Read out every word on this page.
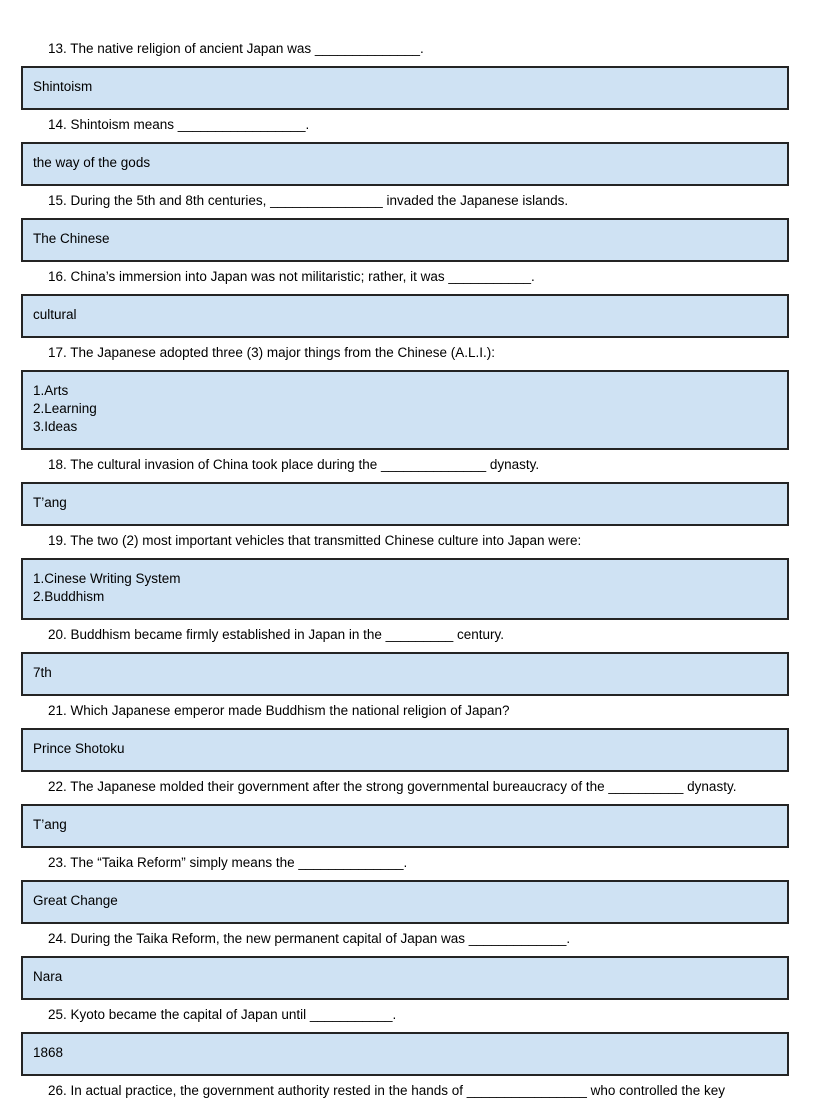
13. The native religion of ancient Japan was ______________.
Shintoism
14. Shintoism means _________________.
the way of the gods
15. During the 5th and 8th centuries, _______________ invaded the Japanese islands.
The Chinese
16. China’s immersion into Japan was not militaristic; rather, it was ___________.
cultural
17. The Japanese adopted three (3) major things from the Chinese (A.L.I.):
1.Arts
2.Learning
3.Ideas
18. The cultural invasion of China took place during the ______________ dynasty.
T’ang
19. The two (2) most important vehicles that transmitted Chinese culture into Japan were:
1.Cinese Writing System
2.Buddhism
20. Buddhism became firmly established in Japan in the _________ century.
7th
21. Which Japanese emperor made Buddhism the national religion of Japan?
Prince Shotoku
22. The Japanese molded their government after the strong governmental bureaucracy of the __________ dynasty.
T’ang
23. The “Taika Reform” simply means the ______________.
Great Change
24. During the Taika Reform, the new permanent capital of Japan was _____________.
Nara
25. Kyoto became the capital of Japan until ___________.
1868
26. In actual practice, the government authority rested in the hands of ________________ who controlled the key
